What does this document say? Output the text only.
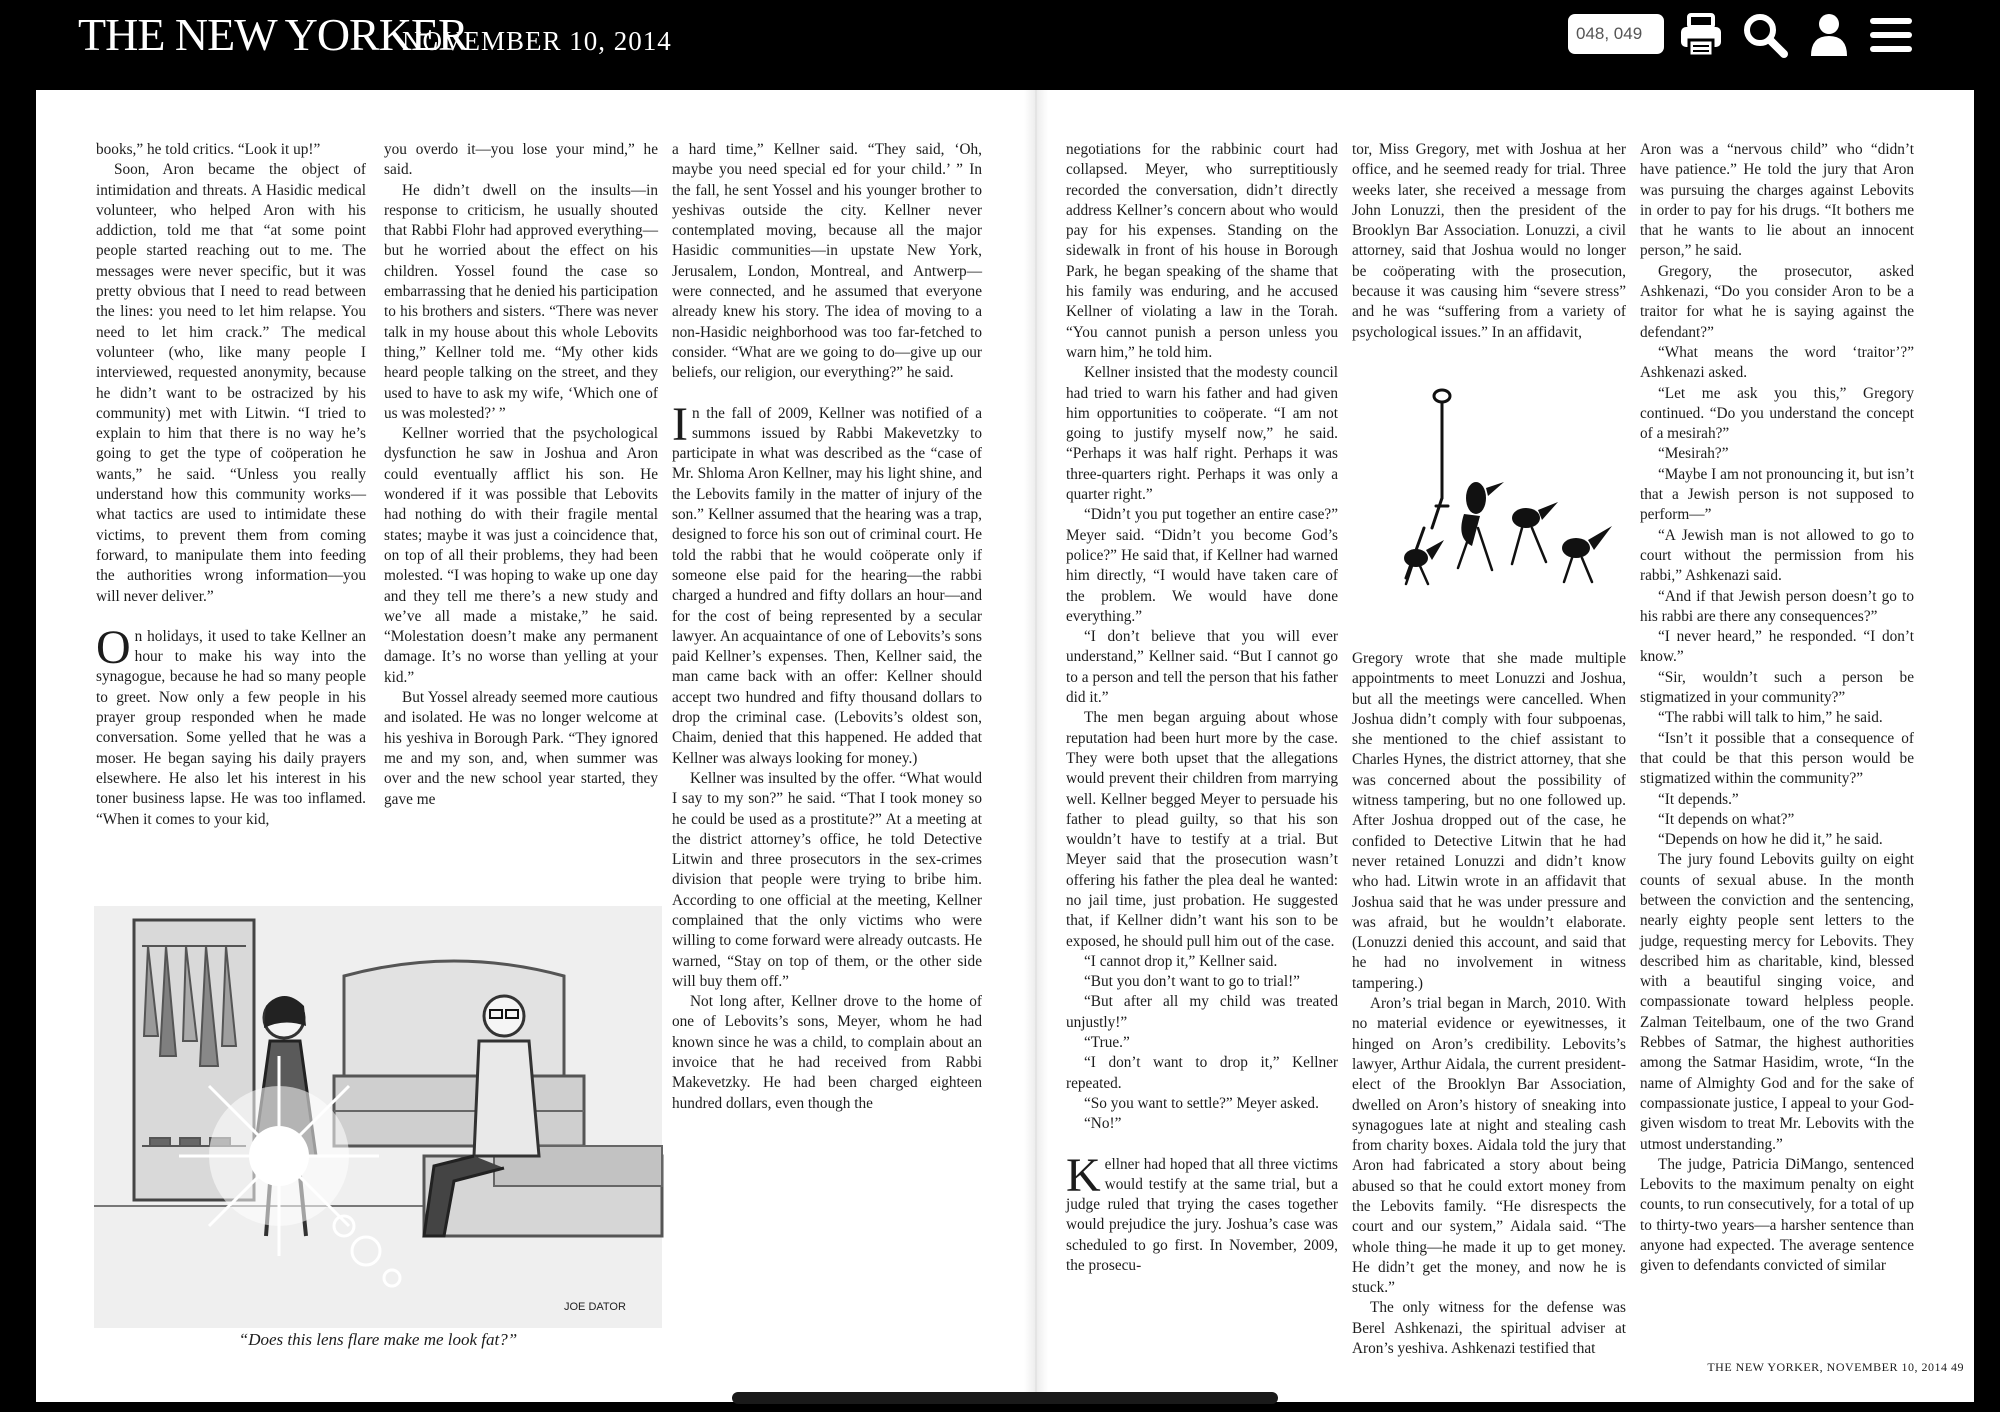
THE NEW YORKER
NOVEMBER 10, 2014
048, 049

books,” he told critics. “Look it up!”

Soon, Aron became the object of intimidation and threats. A Hasidic medical volunteer, who helped Aron with his addiction, told me that “at some point people started reaching out to me. The messages were never specific, but it was pretty obvious that I need to read between the lines: you need to let him relapse. You need to let him crack.” The medical volunteer (who, like many people I interviewed, requested anonymity, because he didn’t want to be ostracized by his community) met with Litwin. “I tried to explain to him that there is no way he’s going to get the type of coöperation he wants,” he said. “Unless you really understand how this community works—what tactics are used to intimidate these victims, to prevent them from coming forward, to manipulate them into feeding the authorities wrong information—you will never deliver.”

On holidays, it used to take Kellner an hour to make his way into the synagogue, because he had so many people to greet. Now only a few people in his prayer group responded when he made conversation. Some yelled that he was a moser. He began saying his daily prayers elsewhere. He also let his interest in his toner business lapse. He was too inflamed. “When it comes to your kid,

you overdo it—you lose your mind,” he said.

He didn’t dwell on the insults—in response to criticism, he usually shouted that Rabbi Flohr had approved everything—but he worried about the effect on his children. Yossel found the case so embarrassing that he denied his participation to his brothers and sisters. “There was never talk in my house about this whole Lebovits thing,” Kellner told me. “My other kids heard people talking on the street, and they used to have to ask my wife, ‘Which one of us was molested?’ ”

Kellner worried that the psychological dysfunction he saw in Joshua and Aron could eventually afflict his son. He wondered if it was possible that Lebovits had nothing do with their fragile mental states; maybe it was just a coincidence that, on top of all their problems, they had been molested. “I was hoping to wake up one day and they tell me there’s a new study and we’ve all made a mistake,” he said. “Molestation doesn’t make any permanent damage. It’s no worse than yelling at your kid.”

But Yossel already seemed more cautious and isolated. He was no longer welcome at his yeshiva in Borough Park. “They ignored me and my son, and, when summer was over and the new school year started, they gave me

a hard time,” Kellner said. “They said, ‘Oh, maybe you need special ed for your child.’ ” In the fall, he sent Yossel and his younger brother to yeshivas outside the city. Kellner never contemplated moving, because all the major Hasidic communities—in upstate New York, Jerusalem, London, Montreal, and Antwerp—were connected, and he assumed that everyone already knew his story. The idea of moving to a non-Hasidic neighborhood was too far-fetched to consider. “What are we going to do—give up our beliefs, our religion, our everything?” he said.

In the fall of 2009, Kellner was notified of a summons issued by Rabbi Makevetzky to participate in what was described as the “case of Mr. Shloma Aron Kellner, may his light shine, and the Lebovits family in the matter of injury of the son.” Kellner assumed that the hearing was a trap, designed to force his son out of criminal court. He told the rabbi that he would coöperate only if someone else paid for the hearing—the rabbi charged a hundred and fifty dollars an hour—and for the cost of being represented by a secular lawyer. An acquaintance of one of Lebovits’s sons paid Kellner’s expenses. Then, Kellner said, the man came back with an offer: Kellner should accept two hundred and fifty thousand dollars to drop the criminal case. (Lebovits’s oldest son, Chaim, denied that this happened. He added that Kellner was always looking for money.)

Kellner was insulted by the offer. “What would I say to my son?” he said. “That I took money so he could be used as a prostitute?” At a meeting at the district attorney’s office, he told Detective Litwin and three prosecutors in the sex-crimes division that people were trying to bribe him. According to one official at the meeting, Kellner complained that the only victims who were willing to come forward were already outcasts. He warned, “Stay on top of them, or the other side will buy them off.”

Not long after, Kellner drove to the home of one of Lebovits’s sons, Meyer, whom he had known since he was a child, to complain about an invoice that he had received from Rabbi Makevetzky. He had been charged eighteen hundred dollars, even though the

negotiations for the rabbinic court had collapsed. Meyer, who surreptitiously recorded the conversation, didn’t directly address Kellner’s concern about who would pay for his expenses. Standing on the sidewalk in front of his house in Borough Park, he began speaking of the shame that his family was enduring, and he accused Kellner of violating a law in the Torah. “You cannot punish a person unless you warn him,” he told him.

Kellner insisted that the modesty council had tried to warn his father and had given him opportunities to coöperate. “I am not going to justify myself now,” he said. “Perhaps it was half right. Perhaps it was three-quarters right. Perhaps it was only a quarter right.”

“Didn’t you put together an entire case?” Meyer said. “Didn’t you become God’s police?” He said that, if Kellner had warned him directly, “I would have taken care of the problem. We would have done everything.”

“I don’t believe that you will ever understand,” Kellner said. “But I cannot go to a person and tell the person that his father did it.”

The men began arguing about whose reputation had been hurt more by the case. They were both upset that the allegations would prevent their children from marrying well. Kellner begged Meyer to persuade his father to plead guilty, so that his son wouldn’t have to testify at a trial. But Meyer said that the prosecution wasn’t offering his father the plea deal he wanted: no jail time, just probation. He suggested that, if Kellner didn’t want his son to be exposed, he should pull him out of the case.

“I cannot drop it,” Kellner said.

“But you don’t want to go to trial!”

“But after all my child was treated unjustly!”

“True.”

“I don’t want to drop it,” Kellner repeated.

“So you want to settle?” Meyer asked.

“No!”

Kellner had hoped that all three victims would testify at the same trial, but a judge ruled that trying the cases together would prejudice the jury. Joshua’s case was scheduled to go first. In November, 2009, the prosecu-

tor, Miss Gregory, met with Joshua at her office, and he seemed ready for trial. Three weeks later, she received a message from John Lonuzzi, then the president of the Brooklyn Bar Association. Lonuzzi, a civil attorney, said that Joshua would no longer be coöperating with the prosecution, because it was causing him “severe stress” and he was “suffering from a variety of psychological issues.” In an affidavit,

Gregory wrote that she made multiple appointments to meet Lonuzzi and Joshua, but all the meetings were cancelled. When Joshua didn’t comply with four subpoenas, she mentioned to the chief assistant to Charles Hynes, the district attorney, that she was concerned about the possibility of witness tampering, but no one followed up. After Joshua dropped out of the case, he confided to Detective Litwin that he had never retained Lonuzzi and didn’t know who had. Litwin wrote in an affidavit that Joshua said that he was under pressure and was afraid, but he wouldn’t elaborate. (Lonuzzi denied this account, and said that he had no involvement in witness tampering.)

Aron’s trial began in March, 2010. With no material evidence or eyewitnesses, it hinged on Aron’s credibility. Lebovits’s lawyer, Arthur Aidala, the current president-elect of the Brooklyn Bar Association, dwelled on Aron’s history of sneaking into synagogues late at night and stealing cash from charity boxes. Aidala told the jury that Aron had fabricated a story about being abused so that he could extort money from the Lebovits family. “He disrespects the court and our system,” Aidala said. “The whole thing—he made it up to get money. He didn’t get the money, and now he is stuck.”

The only witness for the defense was Berel Ashkenazi, the spiritual adviser at Aron’s yeshiva. Ashkenazi testified that

Aron was a “nervous child” who “didn’t have patience.” He told the jury that Aron was pursuing the charges against Lebovits in order to pay for his drugs. “It bothers me that he wants to lie about an innocent person,” he said.

Gregory, the prosecutor, asked Ashkenazi, “Do you consider Aron to be a traitor for what he is saying against the defendant?”

“What means the word ‘traitor’?” Ashkenazi asked.

“Let me ask you this,” Gregory continued. “Do you understand the concept of a mesirah?”

“Mesirah?”

“Maybe I am not pronouncing it, but isn’t that a Jewish person is not supposed to perform—”

“A Jewish man is not allowed to go to court without the permission from his rabbi,” Ashkenazi said.

“And if that Jewish person doesn’t go to his rabbi are there any consequences?”

“I never heard,” he responded. “I don’t know.”

“Sir, wouldn’t such a person be stigmatized in your community?”

“The rabbi will talk to him,” he said.

“Isn’t it possible that a consequence of that could be that this person would be stigmatized within the community?”

“It depends.”

“It depends on what?”

“Depends on how he did it,” he said.

The jury found Lebovits guilty on eight counts of sexual abuse. In the month between the conviction and the sentencing, nearly eighty people sent letters to the judge, requesting mercy for Lebovits. They described him as charitable, kind, blessed with a beautiful singing voice, and compassionate toward helpless people. Zalman Teitelbaum, one of the two Grand Rebbes of Satmar, the highest authorities among the Satmar Hasidim, wrote, “In the name of Almighty God and for the sake of compassionate justice, I appeal to your God-given wisdom to treat Mr. Lebovits with the utmost understanding.”

The judge, Patricia DiMango, sentenced Lebovits to the maximum penalty on eight counts, to run consecutively, for a total of up to thirty-two years—a harsher sentence than anyone had expected. The average sentence given to defendants convicted of similar

JOE DATOR
“Does this lens flare make me look fat?”
THE NEW YORKER, NOVEMBER 10, 2014 49
